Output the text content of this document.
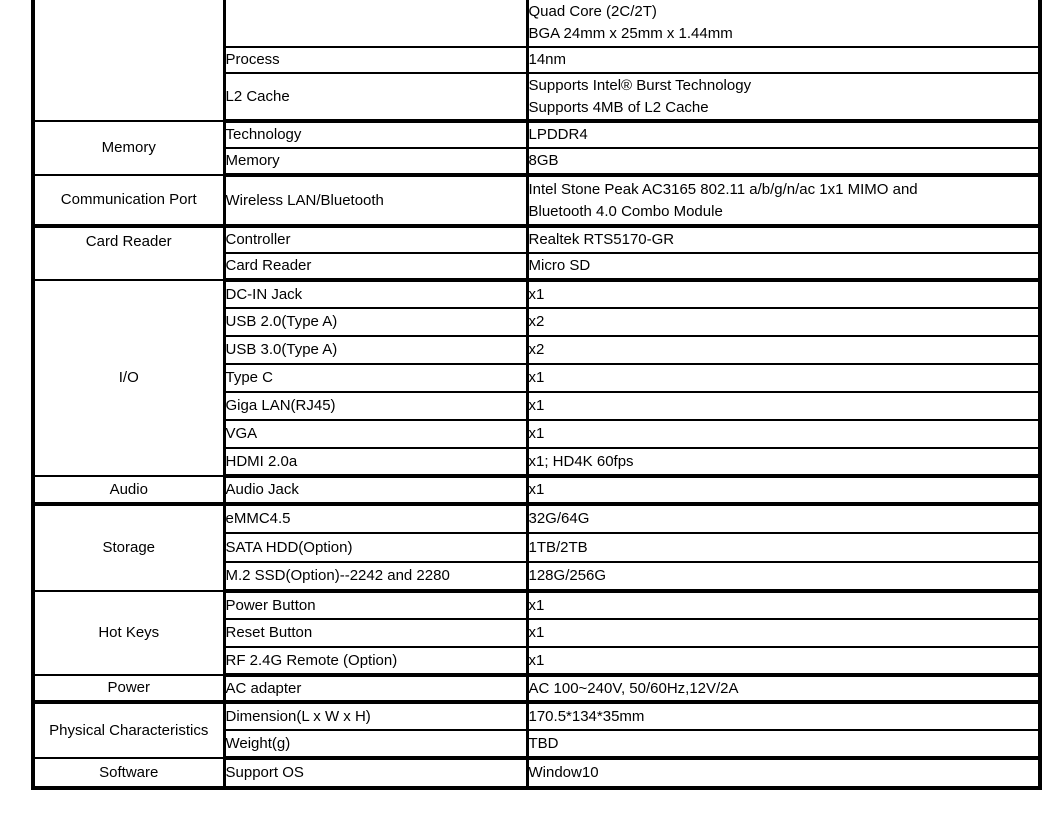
		Quad Core (2C/2T)
BGA 24mm x 25mm x 1.44mm

	Process	14nm

	L2 Cache	Supports Intel® Burst Technology
Supports 4MB of L2 Cache

Memory	Technology	LPDDR4

	Memory	8GB

Communication Port	Wireless LAN/Bluetooth	Intel Stone Peak AC3165 802.11 a/b/g/n/ac 1x1 MIMO and
Bluetooth 4.0 Combo Module

Card Reader	Controller	Realtek RTS5170-GR

	Card Reader	Micro SD

I/O	DC-IN Jack	x1

	USB 2.0(Type A)	x2

	USB 3.0(Type A)	x2

	Type C	x1

	Giga LAN(RJ45)	x1

	VGA	x1

	HDMI 2.0a	x1; HD4K 60fps

Audio	Audio Jack	x1

Storage	eMMC4.5	32G/64G

	SATA HDD(Option)	1TB/2TB

	M.2 SSD(Option)--2242 and 2280	128G/256G

Hot Keys	Power Button	x1

	Reset Button	x1

	RF 2.4G Remote (Option)	x1

Power	AC adapter	AC 100~240V, 50/60Hz,12V/2A

Physical Characteristics	Dimension(L x W x H)	170.5*134*35mm

	Weight(g)	TBD

Software	Support OS	Window10
